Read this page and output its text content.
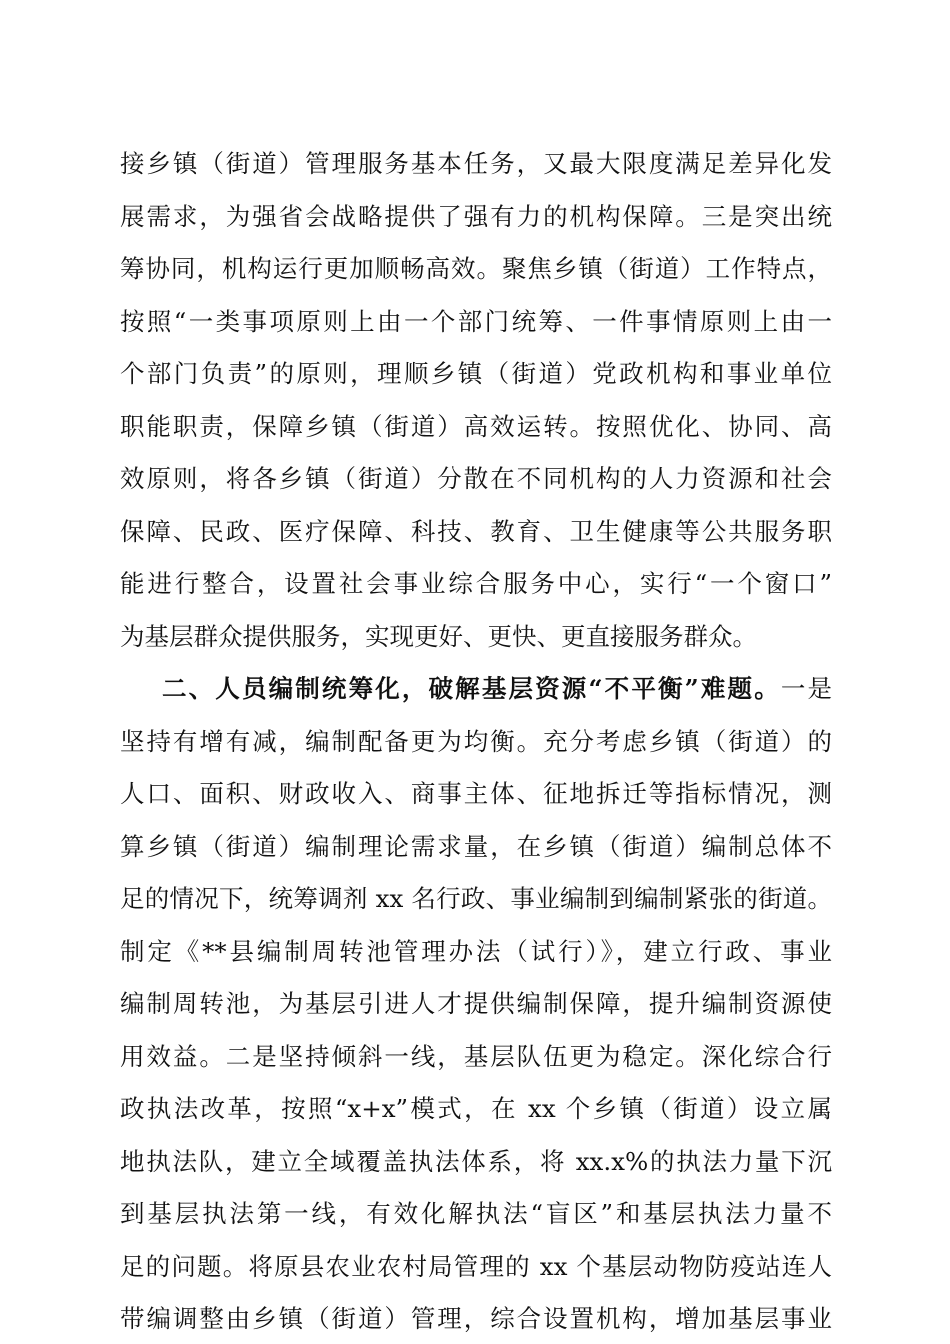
接乡镇（街道）管理服务基本任务，又最大限度满足差异化发
展需求，为强省会战略提供了强有力的机构保障。三是突出统
筹协同，机构运行更加顺畅高效。聚焦乡镇（街道）工作特点，
按照“一类事项原则上由一个部门统筹、一件事情原则上由一
个部门负责”的原则，理顺乡镇（街道）党政机构和事业单位
职能职责，保障乡镇（街道）高效运转。按照优化、协同、高
效原则，将各乡镇（街道）分散在不同机构的人力资源和社会
保障、民政、医疗保障、科技、教育、卫生健康等公共服务职
能进行整合，设置社会事业综合服务中心，实行“一个窗口”
为基层群众提供服务，实现更好、更快、更直接服务群众。
二、人员编制统筹化，破解基层资源“不平衡”难题。一是
坚持有增有减，编制配备更为均衡。充分考虑乡镇（街道）的
人口、面积、财政收入、商事主体、征地拆迁等指标情况，测
算乡镇（街道）编制理论需求量，在乡镇（街道）编制总体不
足的情况下，统筹调剂 xx 名行政、事业编制到编制紧张的街道。
制定《**县编制周转池管理办法（试行）》，建立行政、事业
编制周转池，为基层引进人才提供编制保障，提升编制资源使
用效益。二是坚持倾斜一线，基层队伍更为稳定。深化综合行
政执法改革，按照“x+x”模式，在 xx 个乡镇（街道）设立属
地执法队，建立全域覆盖执法体系，将 xx.x%的执法力量下沉
到基层执法第一线，有效化解执法“盲区”和基层执法力量不
足的问题。将原县农业农村局管理的 xx 个基层动物防疫站连人
带编调整由乡镇（街道）管理，综合设置机构，增加基层事业
